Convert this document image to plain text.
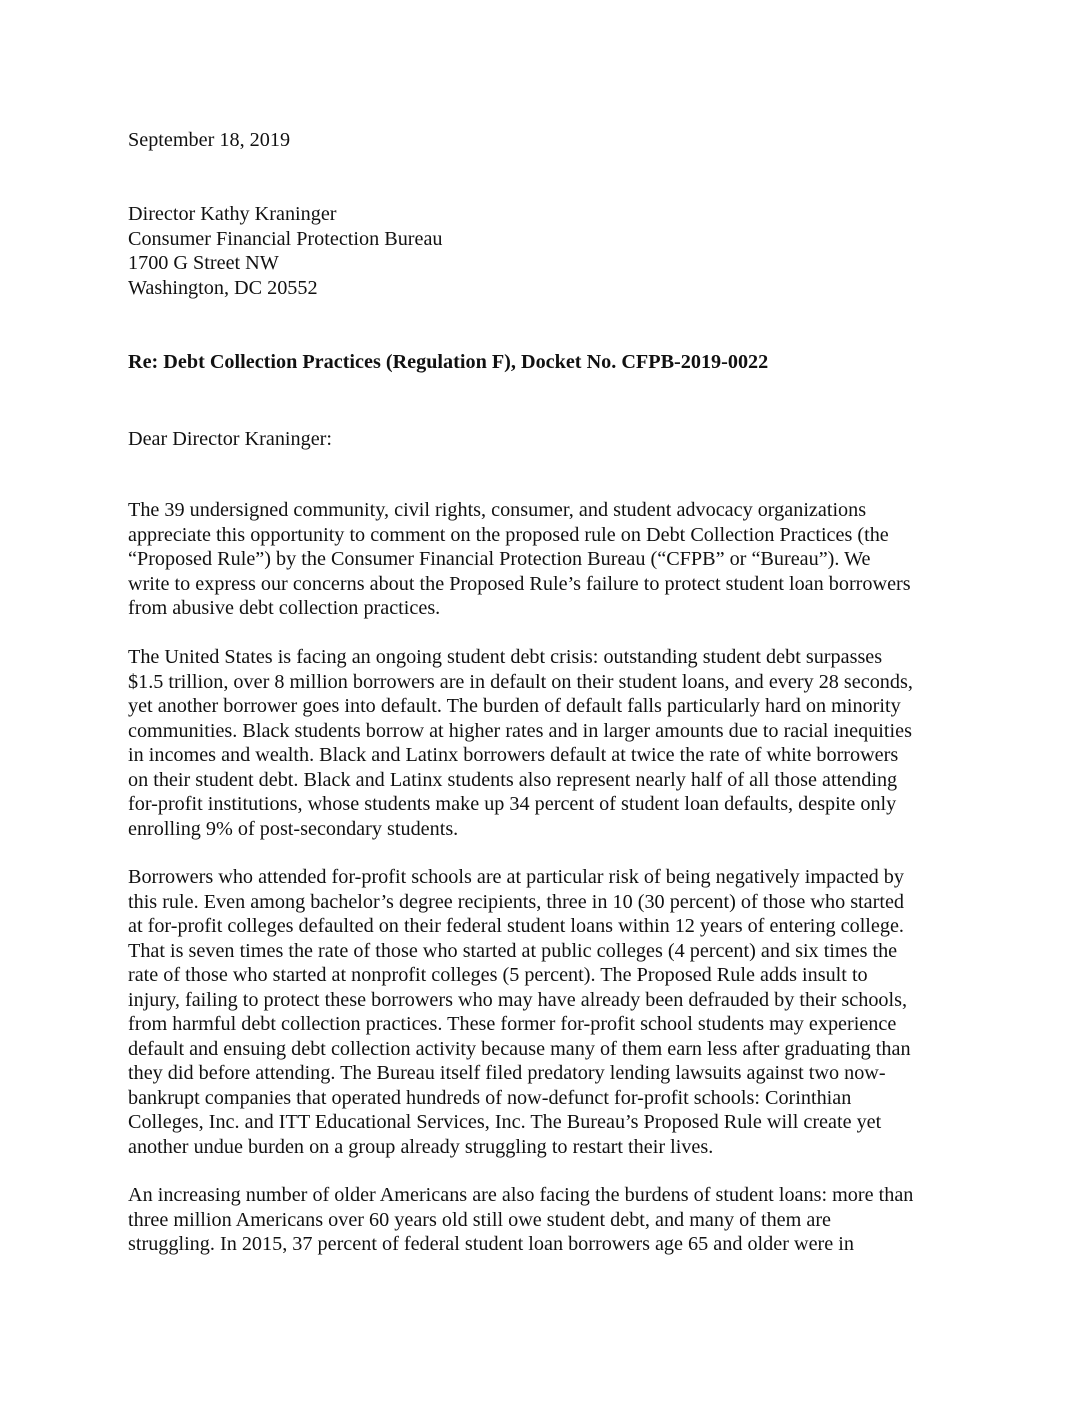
September 18, 2019

Director Kathy Kraninger
Consumer Financial Protection Bureau
1700 G Street NW
Washington, DC 20552

Re: Debt Collection Practices (Regulation F), Docket No. CFPB-2019-0022

Dear Director Kraninger:

The 39 undersigned community, civil rights, consumer, and student advocacy organizations
appreciate this opportunity to comment on the proposed rule on Debt Collection Practices (the
“Proposed Rule”) by the Consumer Financial Protection Bureau (“CFPB” or “Bureau”). We
write to express our concerns about the Proposed Rule’s failure to protect student loan borrowers
from abusive debt collection practices.
The United States is facing an ongoing student debt crisis: outstanding student debt surpasses
$1.5 trillion, over 8 million borrowers are in default on their student loans, and every 28 seconds,
yet another borrower goes into default. The burden of default falls particularly hard on minority
communities. Black students borrow at higher rates and in larger amounts due to racial inequities
in incomes and wealth. Black and Latinx borrowers default at twice the rate of white borrowers
on their student debt. Black and Latinx students also represent nearly half of all those attending
for-profit institutions, whose students make up 34 percent of student loan defaults, despite only
enrolling 9% of post-secondary students.
Borrowers who attended for-profit schools are at particular risk of being negatively impacted by
this rule. Even among bachelor’s degree recipients, three in 10 (30 percent) of those who started
at for-profit colleges defaulted on their federal student loans within 12 years of entering college.
That is seven times the rate of those who started at public colleges (4 percent) and six times the
rate of those who started at nonprofit colleges (5 percent). The Proposed Rule adds insult to
injury, failing to protect these borrowers who may have already been defrauded by their schools,
from harmful debt collection practices. These former for-profit school students may experience
default and ensuing debt collection activity because many of them earn less after graduating than
they did before attending. The Bureau itself filed predatory lending lawsuits against two now-
bankrupt companies that operated hundreds of now-defunct for-profit schools: Corinthian
Colleges, Inc. and ITT Educational Services, Inc. The Bureau’s Proposed Rule will create yet
another undue burden on a group already struggling to restart their lives.
An increasing number of older Americans are also facing the burdens of student loans: more than
three million Americans over 60 years old still owe student debt, and many of them are
struggling. In 2015, 37 percent of federal student loan borrowers age 65 and older were in
